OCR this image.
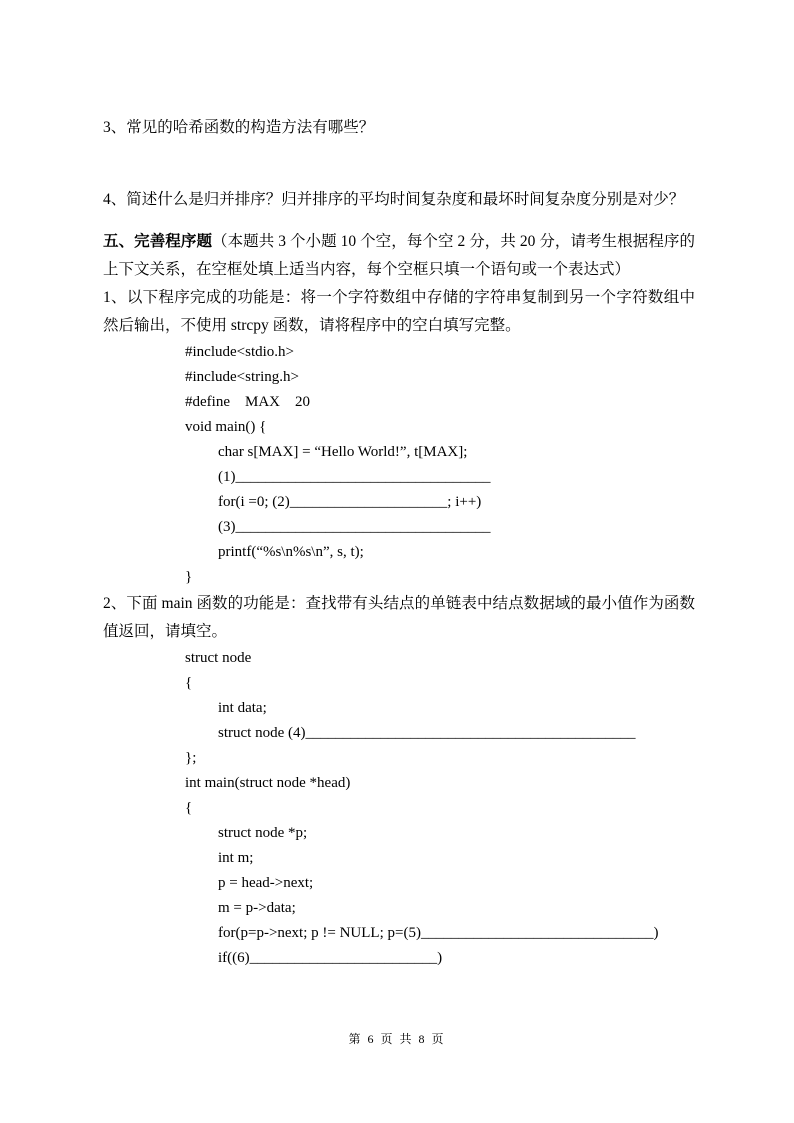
3、常见的哈希函数的构造方法有哪些？
4、简述什么是归并排序？归并排序的平均时间复杂度和最坏时间复杂度分别是对少？
五、完善程序题（本题共 3 个小题 10 个空，每个空 2 分，共 20 分，请考生根据程序的上下文关系，在空框处填上适当内容，每个空框只填一个语句或一个表达式）
1、以下程序完成的功能是：将一个字符数组中存储的字符串复制到另一个字符数组中然后输出，不使用 strcpy 函数，请将程序中的空白填写完整。
#include<stdio.h>
#include<string.h>
#define    MAX    20
void main() {
char s[MAX] = “Hello World!”, t[MAX];
(1)__________________________________
for(i =0; (2)_____________________; i++)
(3)__________________________________
printf(“%s\n%s\n”, s, t);
}
2、下面 main 函数的功能是：查找带有头结点的单链表中结点数据域的最小值作为函数值返回，请填空。
struct node
{
int data;
struct node (4)____________________________________________
};
int main(struct node *head)
{
struct node *p;
int m;
p = head->next;
m = p->data;
for(p=p->next; p != NULL; p=(5)_______________________________)
if((6)_________________________)
第 6 页 共 8 页
